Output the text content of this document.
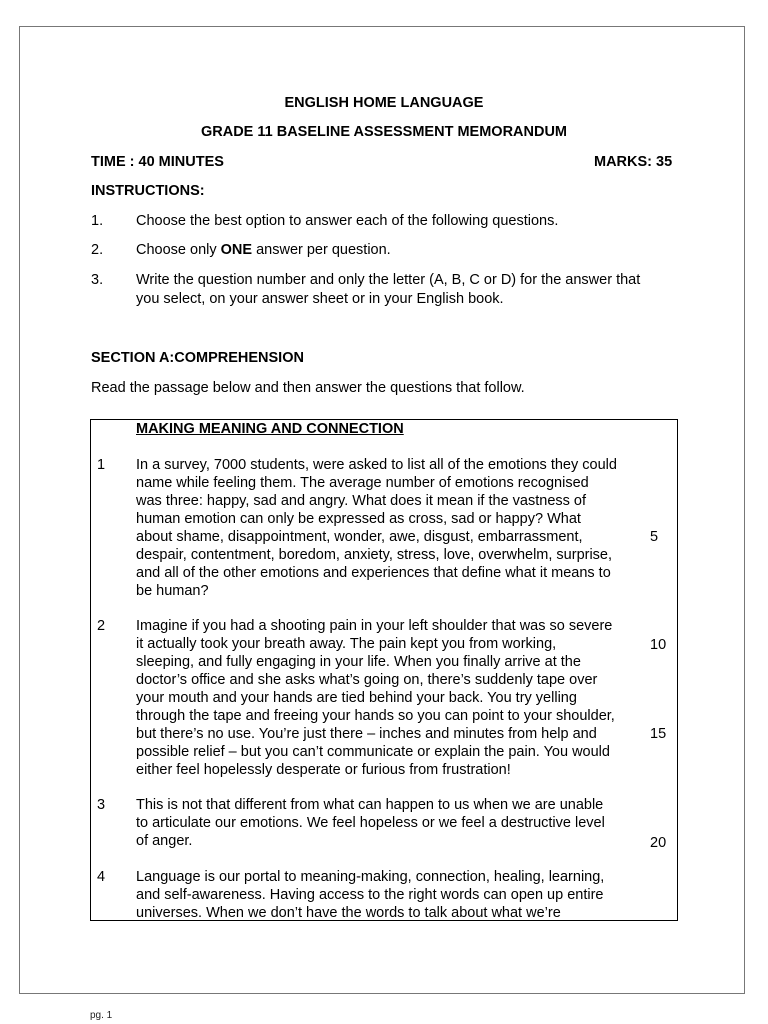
ENGLISH HOME LANGUAGE
GRADE 11 BASELINE ASSESSMENT MEMORANDUM
TIME : 40 MINUTES	MARKS: 35
INSTRUCTIONS:
1. Choose the best option to answer each of the following questions.
2. Choose only ONE answer per question.
3. Write the question number and only the letter (A, B, C or D) for the answer that
you select, on your answer sheet or in your English book.
SECTION A:COMPREHENSION
Read the passage below and then answer the questions that follow.
MAKING MEANING AND CONNECTION
1 In a survey, 7000 students, were asked to list all of the emotions they could
name while feeling them. The average number of emotions recognised
was three: happy, sad and angry. What does it mean if the vastness of
human emotion can only be expressed as cross, sad or happy? What
about shame, disappointment, wonder, awe, disgust, embarrassment,
despair, contentment, boredom, anxiety, stress, love, overwhelm, surprise,
and all of the other emotions and experiences that define what it means to
be human?
2 Imagine if you had a shooting pain in your left shoulder that was so severe
it actually took your breath away. The pain kept you from working,
sleeping, and fully engaging in your life. When you finally arrive at the
doctor’s office and she asks what’s going on, there’s suddenly tape over
your mouth and your hands are tied behind your back. You try yelling
through the tape and freeing your hands so you can point to your shoulder,
but there’s no use. You’re just there – inches and minutes from help and
possible relief – but you can’t communicate or explain the pain. You would
either feel hopelessly desperate or furious from frustration!
3 This is not that different from what can happen to us when we are unable
to articulate our emotions. We feel hopeless or we feel a destructive level
of anger.
4 Language is our portal to meaning-making, connection, healing, learning,
and self-awareness. Having access to the right words can open up entire
universes. When we don’t have the words to talk about what we’re
5
10
15
20
pg. 1
